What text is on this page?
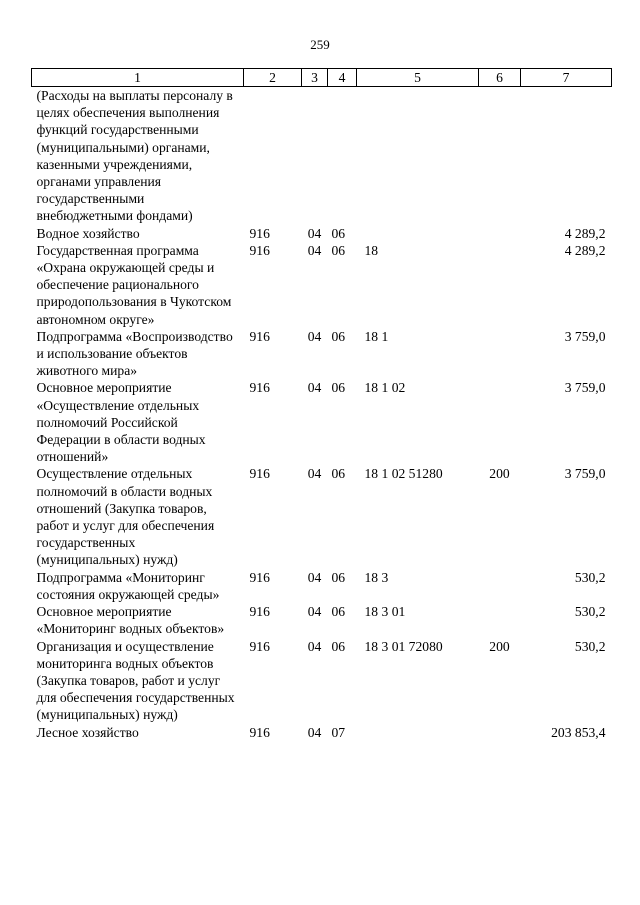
259
1	2	3	4	5	6	7
(Расходы на выплаты персоналу в целях обеспечения выполнения функций государственными (муниципальными) органами, казенными учреждениями, органами управления государственными внебюджетными фондами)						
Водное хозяйство	916	04	06			4 289,2
Государственная программа «Охрана окружающей среды и обеспечение рационального природопользования в Чукотском автономном округе»	916	04	06	18		4 289,2
Подпрограмма «Воспроизводство и использование объектов животного мира»	916	04	06	18 1		3 759,0
Основное мероприятие «Осуществление отдельных полномочий Российской Федерации в области водных отношений»	916	04	06	18 1 02		3 759,0
Осуществление отдельных полномочий в области водных отношений (Закупка товаров, работ и услуг для обеспечения государственных (муниципальных) нужд)	916	04	06	18 1 02 51280	200	3 759,0
Подпрограмма «Мониторинг состояния окружающей среды»	916	04	06	18 3		530,2
Основное мероприятие «Мониторинг водных объектов»	916	04	06	18 3 01		530,2
Организация и осуществление мониторинга водных объектов (Закупка товаров, работ и услуг для обеспечения государственных (муниципальных) нужд)	916	04	06	18 3 01 72080	200	530,2
Лесное хозяйство	916	04	07			203 853,4
